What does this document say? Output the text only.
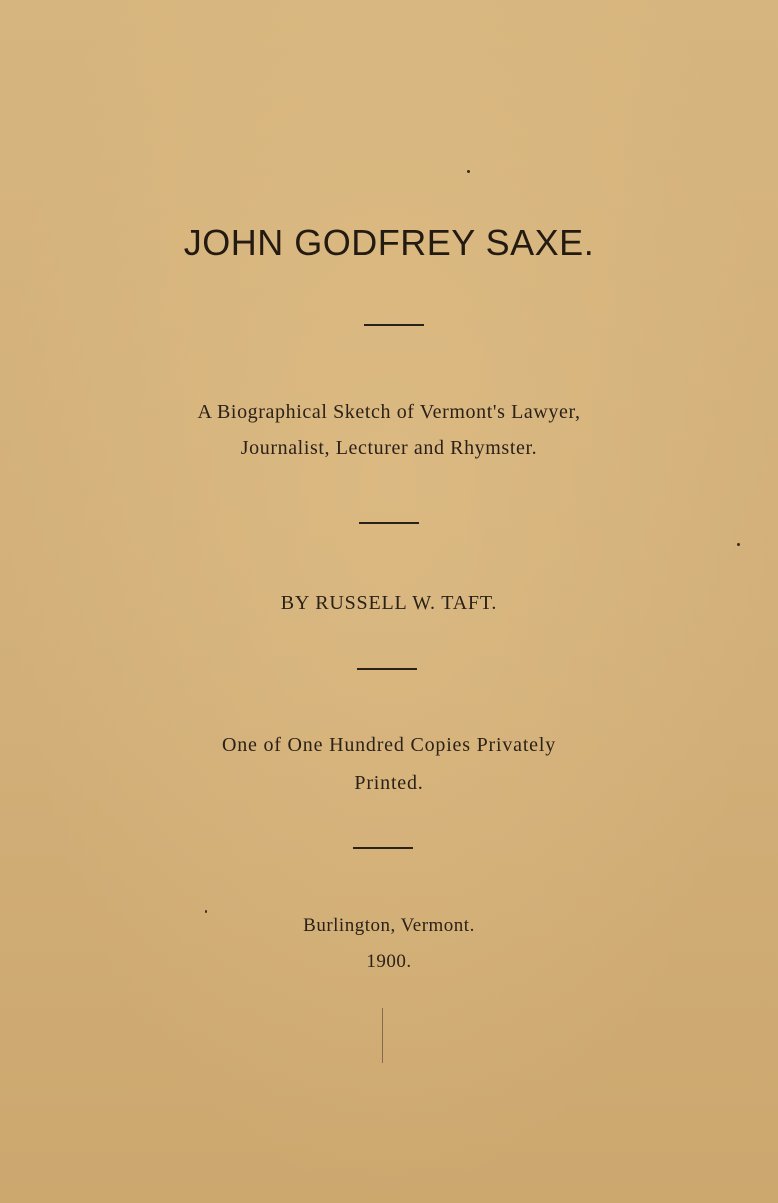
JOHN GODFREY SAXE.
A Biographical Sketch of Vermont's Lawyer,
Journalist, Lecturer and Rhymster.
BY RUSSELL W. TAFT.
One of One Hundred Copies Privately
Printed.
Burlington, Vermont.
1900.
